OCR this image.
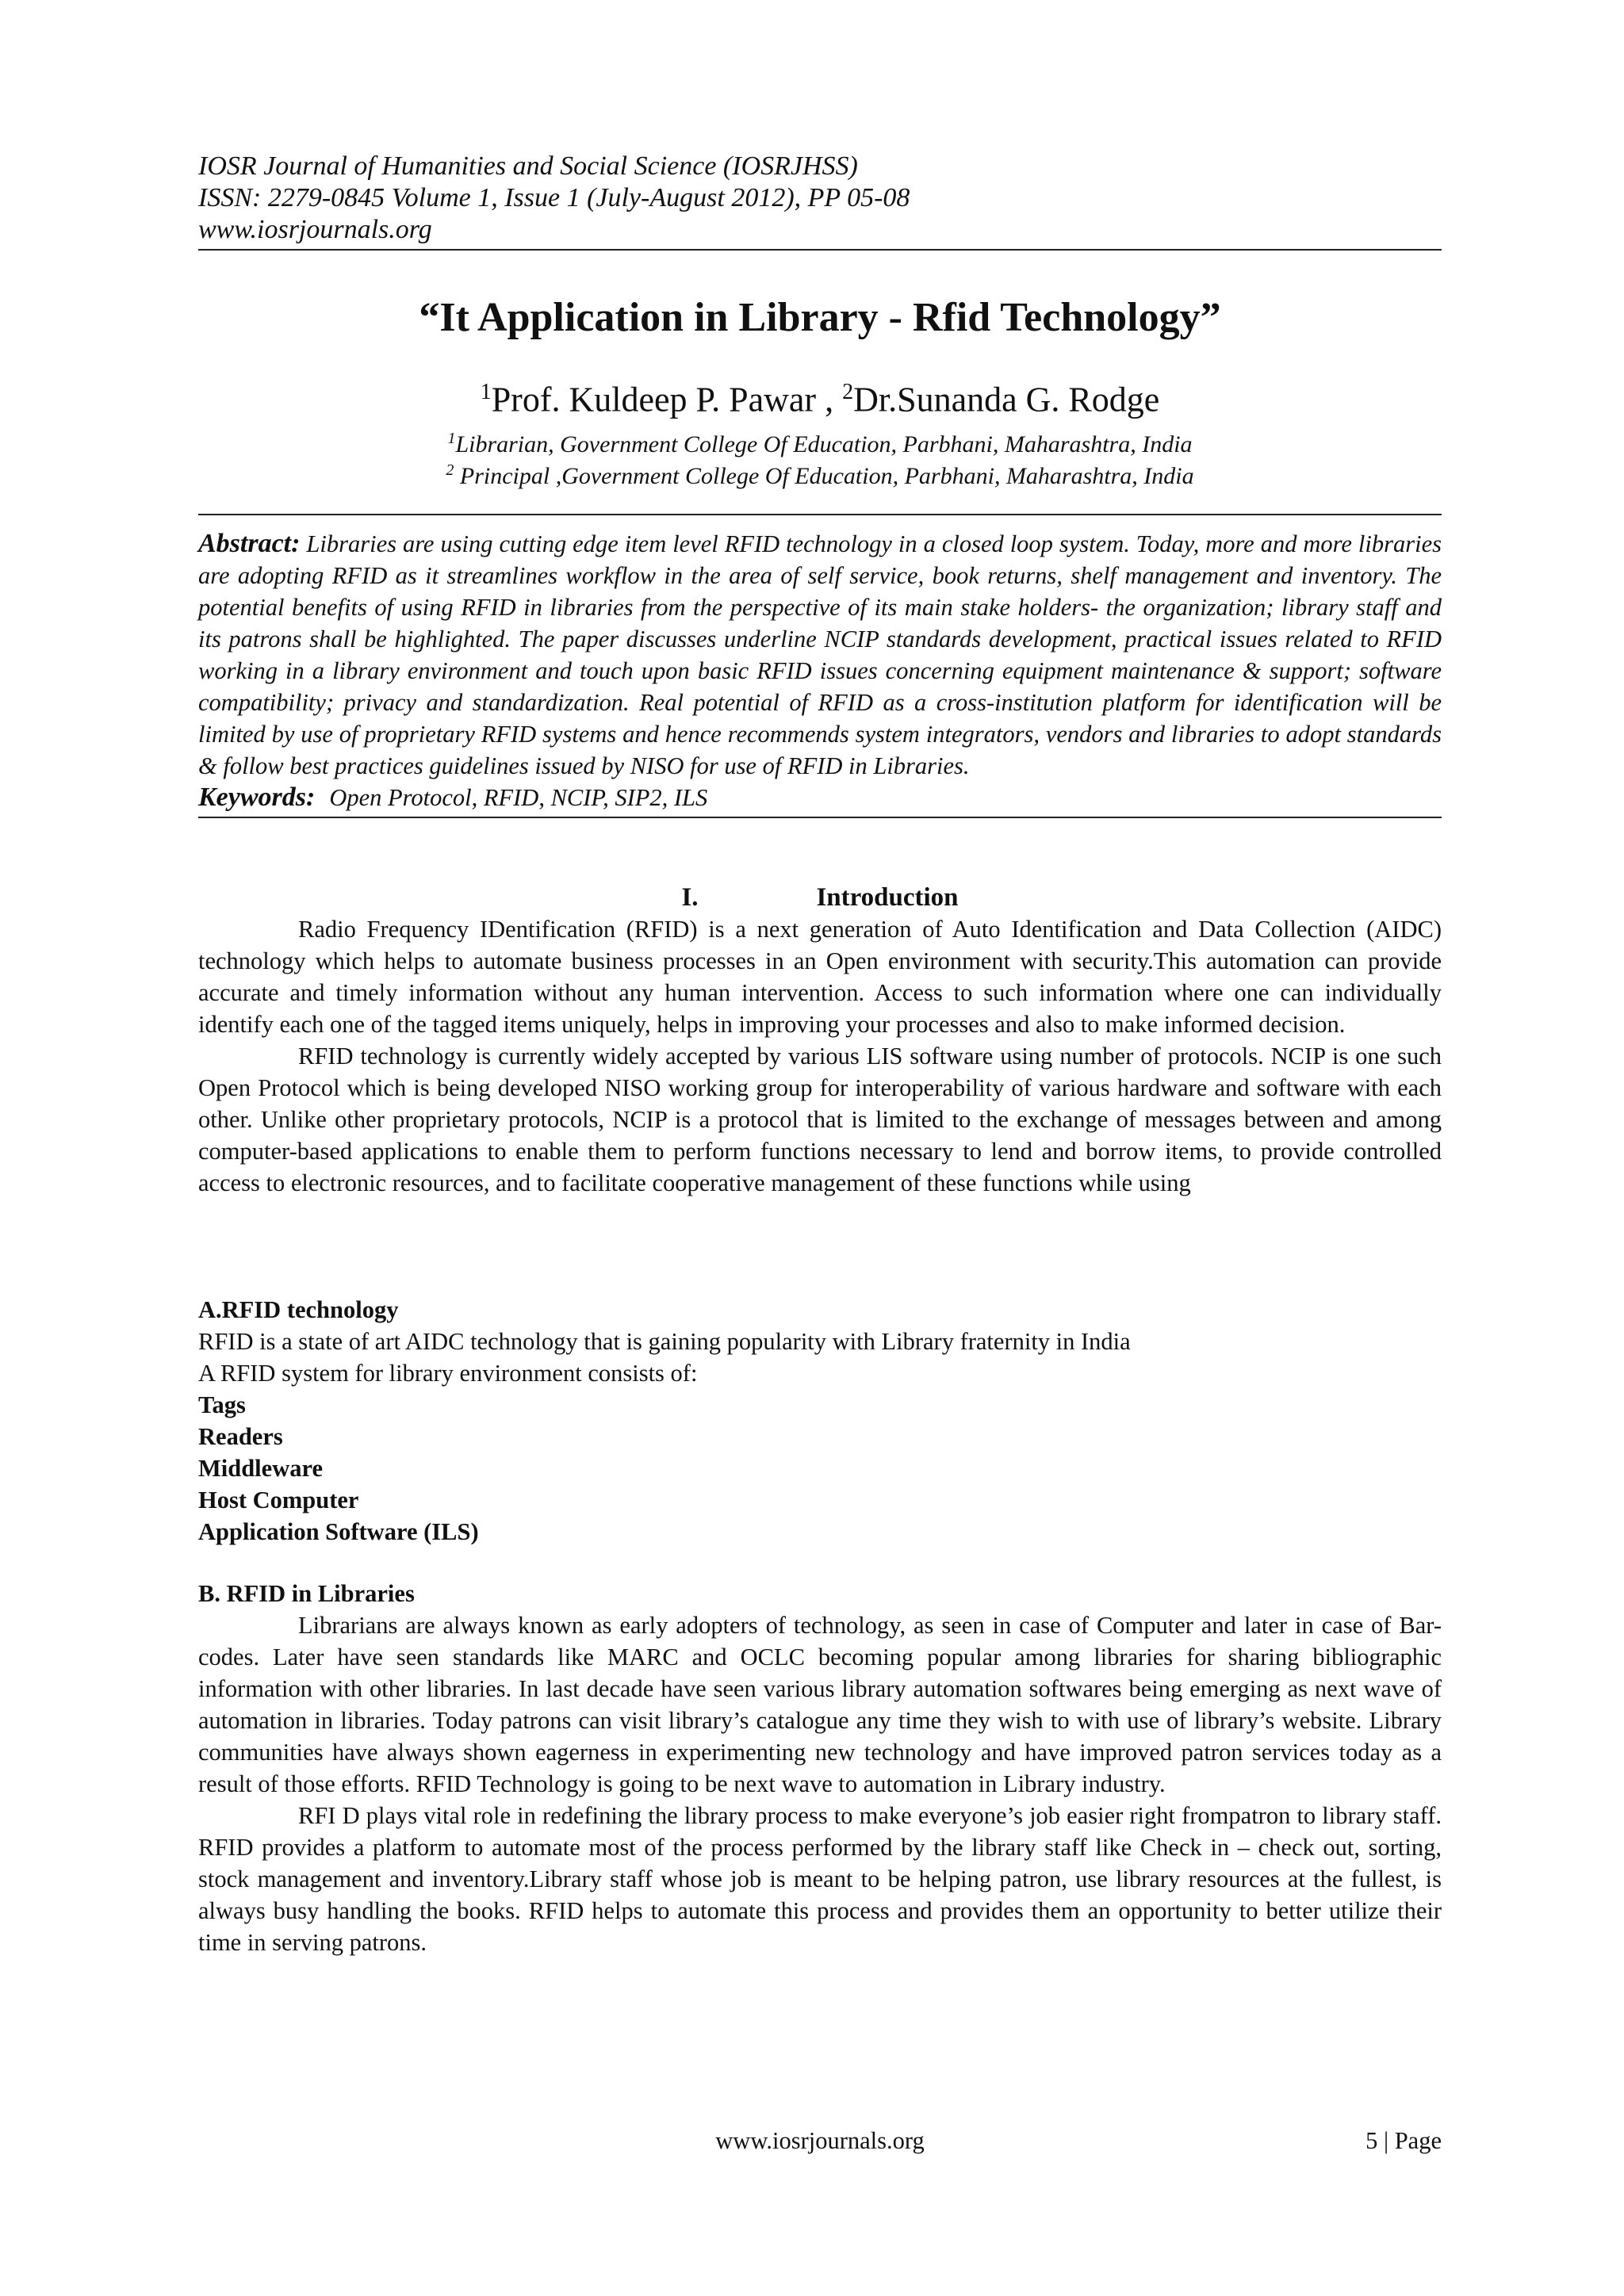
IOSR Journal of Humanities and Social Science (IOSRJHSS)
ISSN: 2279-0845 Volume 1, Issue 1 (July-August 2012), PP 05-08
www.iosrjournals.org
“It Application in Library - Rfid Technology”
$^1$Prof. Kuldeep P. Pawar , $^2$Dr.Sunanda G. Rodge
$^1$Librarian, Government College Of Education, Parbhani, Maharashtra, India
$^2$ Principal ,Government College Of Education, Parbhani, Maharashtra, India

Abstract: Libraries are using cutting edge item level RFID technology in a closed loop system. Today, more and more libraries are adopting RFID as it streamlines workflow in the area of self service, book returns, shelf management and inventory. The potential benefits of using RFID in libraries from the perspective of its main stake holders- the organization; library staff and its patrons shall be highlighted. The paper discusses underline NCIP standards development, practical issues related to RFID working in a library environment and touch upon basic RFID issues concerning equipment maintenance & support; software compatibility; privacy and standardization. Real potential of RFID as a cross-institution platform for identification will be limited by use of proprietary RFID systems and hence recommends system integrators, vendors and libraries to adopt standards & follow best practices guidelines issued by NISO for use of RFID in Libraries.

Keywords: Open Protocol, RFID, NCIP, SIP2, ILS

I.	Introduction

Radio Frequency IDentification (RFID) is a next generation of Auto Identification and Data Collection (AIDC) technology which helps to automate business processes in an Open environment with security.This automation can provide accurate and timely information without any human intervention. Access to such information where one can individually identify each one of the tagged items uniquely, helps in improving your processes and also to make informed decision.

RFID technology is currently widely accepted by various LIS software using number of protocols. NCIP is one such Open Protocol which is being developed NISO working group for interoperability of various hardware and software with each other. Unlike other proprietary protocols, NCIP is a protocol that is limited to the exchange of messages between and among computer-based applications to enable them to perform functions necessary to lend and borrow items, to provide controlled access to electronic resources, and to facilitate cooperative management of these functions while using

A.RFID technology

RFID is a state of art AIDC technology that is gaining popularity with Library fraternity in India

A RFID system for library environment consists of:

Tags

Readers

Middleware

Host Computer

Application Software (ILS)

B. RFID in Libraries

Librarians are always known as early adopters of technology, as seen in case of Computer and later in case of Bar-codes. Later have seen standards like MARC and OCLC becoming popular among libraries for sharing bibliographic information with other libraries. In last decade have seen various library automation softwares being emerging as next wave of automation in libraries. Today patrons can visit library’s catalogue any time they wish to with use of library’s website. Library communities have always shown eagerness in experimenting new technology and have improved patron services today as a result of those efforts. RFID Technology is going to be next wave to automation in Library industry.

RFI D plays vital role in redefining the library process to make everyone’s job easier right frompatron to library staff. RFID provides a platform to automate most of the process performed by the library staff like Check in – check out, sorting, stock management and inventory.Library staff whose job is meant to be helping patron, use library resources at the fullest, is always busy handling the books. RFID helps to automate this process and provides them an opportunity to better utilize their time in serving patrons.

www.iosrjournals.org	5 | Page
